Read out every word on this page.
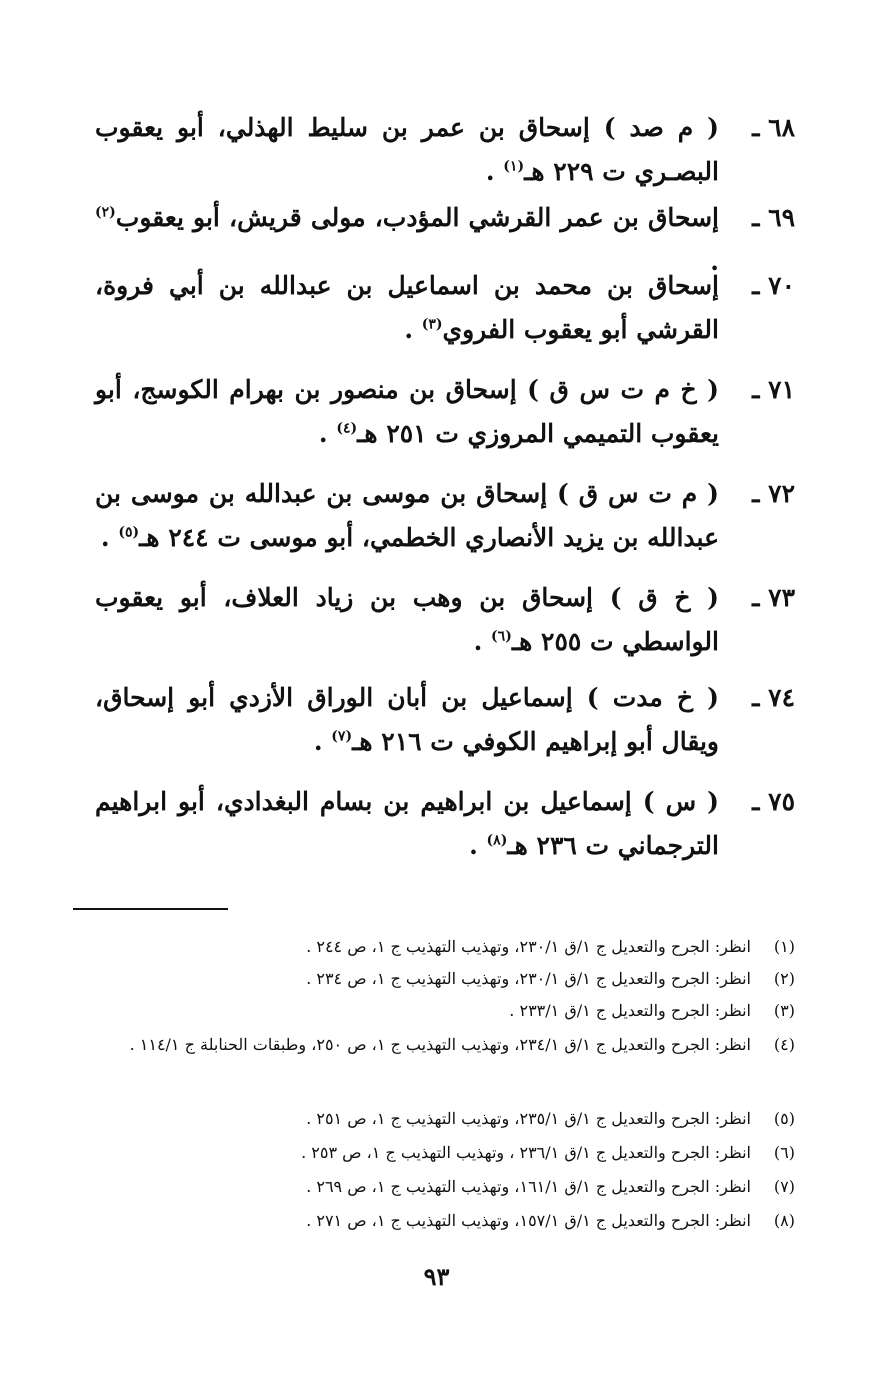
٦٨ ـ
( م صد ) إسحاق بن عمر بن سليط الهذلي، أبو يعقوب البصـري ت ٢٢٩ هـ$^{(١)}$ .
٦٩ ـ
إسحاق بن عمر القرشي المؤدب، مولى قريش، أبو يعقوب$^{(٢)}$ .
٧٠ ـ
إسحاق بن محمد بن اسماعيل بن عبدالله بن أبي فروة، القرشي أبو يعقوب الفروي$^{(٣)}$ .
٧١ ـ
( خ م ت س ق ) إسحاق بن منصور بن بهرام الكوسج، أبو يعقوب التميمي المروزي ت ٢٥١ هـ$^{(٤)}$ .
٧٢ ـ
( م ت س ق ) إسحاق بن موسى بن عبدالله بن موسى بن عبدالله بن يزيد الأنصاري الخطمي، أبو موسى ت ٢٤٤ هـ$^{(٥)}$ .
٧٣ ـ
( خ ق ) إسحاق بن وهب بن زياد العلاف، أبو يعقوب الواسطي ت ٢٥٥ هـ$^{(٦)}$ .
٧٤ ـ
( خ مدت ) إسماعيل بن أبان الوراق الأزدي أبو إسحاق، ويقال أبو إبراهيم الكوفي ت ٢١٦ هـ$^{(٧)}$ .
٧٥ ـ
( س ) إسماعيل بن ابراهيم بن بسام البغدادي، أبو ابراهيم الترجماني ت ٢٣٦ هـ$^{(٨)}$ .
(١)
انظر: الجرح والتعديل ج ١/ق ٢٣٠/١، وتهذيب التهذيب ج ١، ص ٢٤٤ .
(٢)
انظر: الجرح والتعديل ج ١/ق ٢٣٠/١، وتهذيب التهذيب ج ١، ص ٢٣٤ .
(٣)
انظر: الجرح والتعديل ج ١/ق ٢٣٣/١ .
(٤)
انظر: الجرح والتعديل ج ١/ق ٢٣٤/١، وتهذيب التهذيب ج ١، ص ٢٥٠، وطبقات الحنابلة ج ١١٤/١ .
(٥)
انظر: الجرح والتعديل ج ١/ق ٢٣٥/١، وتهذيب التهذيب ج ١، ص ٢٥١ .
(٦)
انظر: الجرح والتعديل ج ١/ق ٢٣٦/١ ، وتهذيب التهذيب ج ١، ص ٢٥٣ .
(٧)
انظر: الجرح والتعديل ج ١/ق ١٦١/١، وتهذيب التهذيب ج ١، ص ٢٦٩ .
(٨)
انظر: الجرح والتعديل ج ١/ق ١٥٧/١، وتهذيب التهذيب ج ١، ص ٢٧١ .
٩٣
